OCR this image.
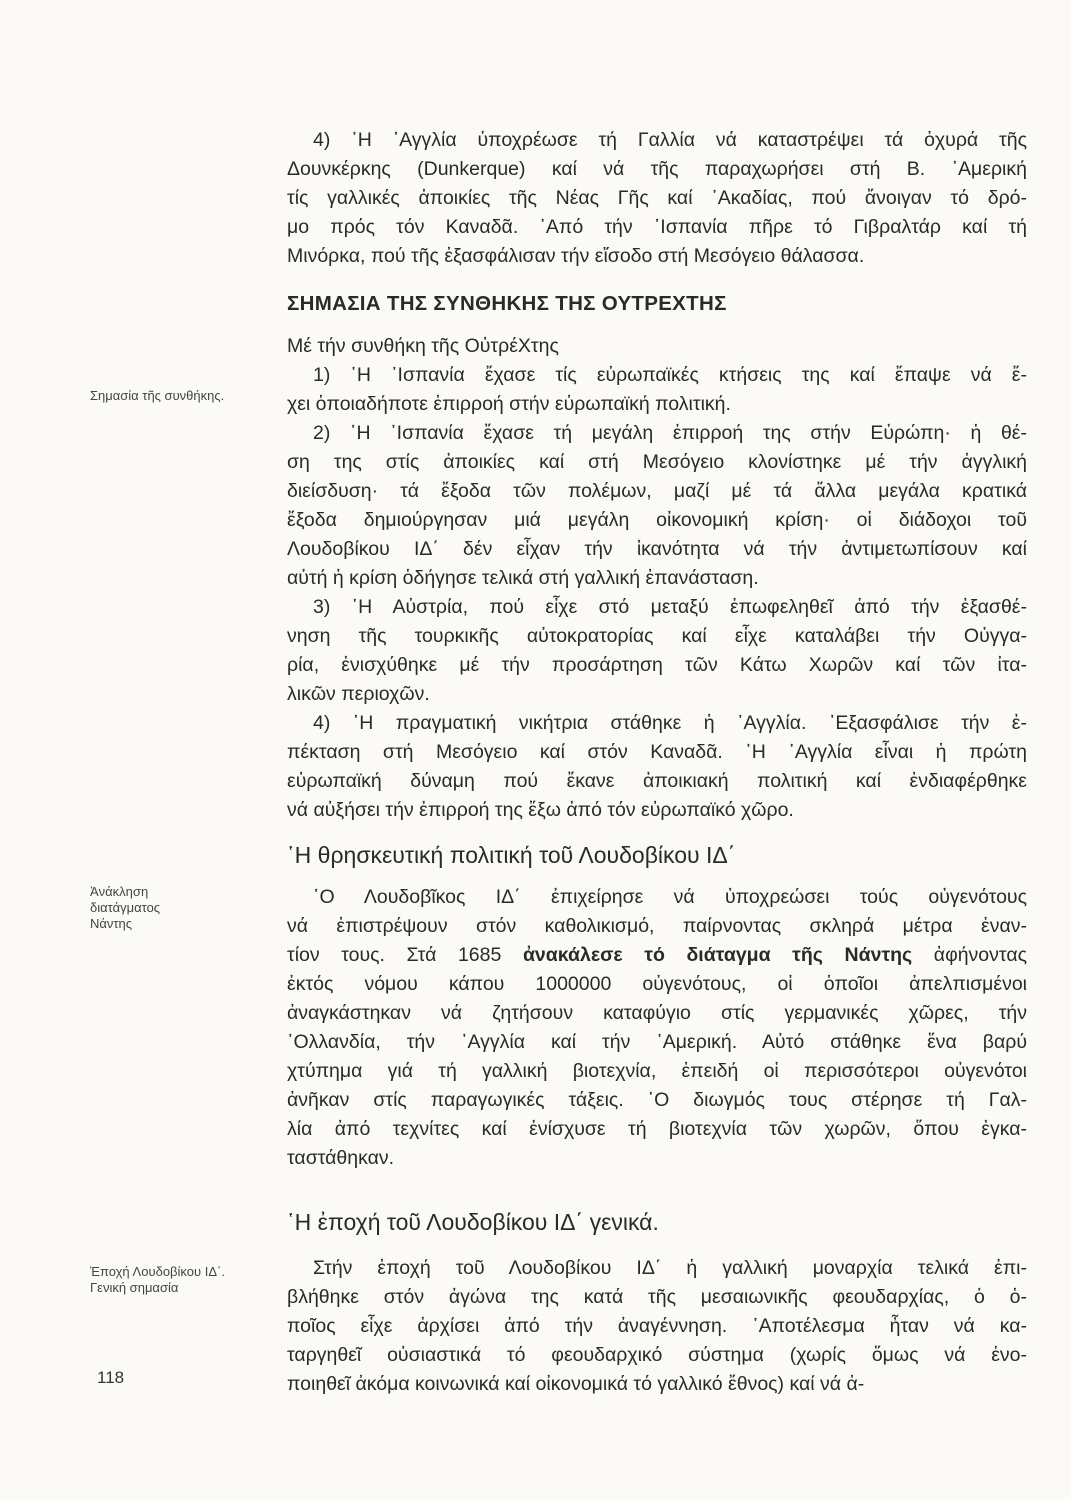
Σημασία τῆς συνθήκης.
Ἀνάκληση διατάγματος Νάντης
Ἐποχή Λουδοβίκου ΙΔ΄. Γενική σημασία
4) ῾Η ᾿Αγγλία ὑποχρέωσε τή Γαλλία νά καταστρέψει τά ὀχυρά τῆς
Δουνκέρκης (Dunkerque) καί νά τῆς παραχωρήσει στή Β. ᾿Αμερική
τίς γαλλικές ἀποικίες τῆς Νέας Γῆς καί ᾿Ακαδίας, πού ἄνοιγαν τό δρό-
μο πρός τόν Καναδᾶ. ᾿Από τήν ᾿Ισπανία πῆρε τό Γιβραλτάρ καί τή
Μινόρκα, πού τῆς ἐξασφάλισαν τήν εἴσοδο στή Μεσόγειο θάλασσα.
ΣΗΜΑΣΙΑ ΤΗΣ ΣΥΝΘΗΚΗΣ ΤΗΣ ΟΥΤΡΕΧΤΗΣ
Μέ τήν συνθήκη τῆς ΟὐτρέΧτης
1) ῾Η ᾿Ισπανία ἔχασε τίς εὐρωπαϊκές κτήσεις της καί ἔπαψε νά ἔ-
χει ὁποιαδήποτε ἐπιρροή στήν εὐρωπαϊκή πολιτική.
2) ῾Η ᾿Ισπανία ἔχασε τή μεγάλη ἐπιρροή της στήν Εὐρώπη· ἡ θέ-
ση της στίς ἀποικίες καί στή Μεσόγειο κλονίστηκε μέ τήν ἀγγλική
διείσδυση· τά ἔξοδα τῶν πολέμων, μαζί μέ τά ἄλλα μεγάλα κρατικά
ἔξοδα δημιούργησαν μιά μεγάλη οἰκονομική κρίση· οἱ διάδοχοι τοῦ
Λουδοβίκου ΙΔ΄ δέν εἶχαν τήν ἱκανότητα νά τήν ἀντιμετωπίσουν καί
αὐτή ἡ κρίση ὁδήγησε τελικά στή γαλλική ἐπανάσταση.
3) ῾Η Αὐστρία, πού εἶχε στό μεταξύ ἐπωφεληθεῖ ἀπό τήν ἐξασθέ-
νηση τῆς τουρκικῆς αὐτοκρατορίας καί εἶχε καταλάβει τήν Οὐγγα-
ρία, ἐνισχύθηκε μέ τήν προσάρτηση τῶν Κάτω Χωρῶν καί τῶν ἰτα-
λικῶν περιοχῶν.
4) ῾Η πραγματική νικήτρια στάθηκε ἡ ᾿Αγγλία. ᾿Εξασφάλισε τήν ἐ-
πέκταση στή Μεσόγειο καί στόν Καναδᾶ. ῾Η ᾿Αγγλία εἶναι ἡ πρώτη
εὐρωπαϊκή δύναμη πού ἔκανε ἀποικιακή πολιτική καί ἐνδιαφέρθηκε
νά αὐξήσει τήν ἐπιρροή της ἔξω ἀπό τόν εὐρωπαϊκό χῶρο.
῾Η θρησκευτική πολιτική τοῦ Λουδοβίκου ΙΔ΄
῾Ο Λουδοβῖκος ΙΔ΄ ἐπιχείρησε νά ὑποχρεώσει τούς οὐγενότους
νά ἐπιστρέψουν στόν καθολικισμό, παίρνοντας σκληρά μέτρα ἐναν-
τίον τους. Στά 1685 ἀνακάλεσε τό διάταγμα τῆς Νάντης ἀφήνοντας
ἐκτός νόμου κάπου 1000000 οὐγενότους, οἱ ὁποῖοι ἀπελπισμένοι
ἀναγκάστηκαν νά ζητήσουν καταφύγιο στίς γερμανικές χῶρες, τήν
᾿Ολλανδία, τήν ᾿Αγγλία καί τήν ᾿Αμερική. Αὐτό στάθηκε ἕνα βαρύ
χτύπημα γιά τή γαλλική βιοτεχνία, ἐπειδή οἱ περισσότεροι οὐγενότοι
ἀνῆκαν στίς παραγωγικές τάξεις. ῾Ο διωγμός τους στέρησε τή Γαλ-
λία ἀπό τεχνίτες καί ἐνίσχυσε τή βιοτεχνία τῶν χωρῶν, ὅπου ἐγκα-
ταστάθηκαν.
῾Η ἐποχή τοῦ Λουδοβίκου ΙΔ΄ γενικά.
Στήν ἐποχή τοῦ Λουδοβίκου ΙΔ΄ ἡ γαλλική μοναρχία τελικά ἐπι-
βλήθηκε στόν ἀγώνα της κατά τῆς μεσαιωνικῆς φεουδαρχίας, ὁ ὁ-
ποῖος εἶχε ἀρχίσει ἀπό τήν ἀναγέννηση. ᾿Αποτέλεσμα ἦταν νά κα-
ταργηθεῖ οὐσιαστικά τό φεουδαρχικό σύστημα (χωρίς ὅμως νά ἑνο-
ποιηθεῖ ἀκόμα κοινωνικά καί οἰκονομικά τό γαλλικό ἔθνος) καί νά ἀ-
118
